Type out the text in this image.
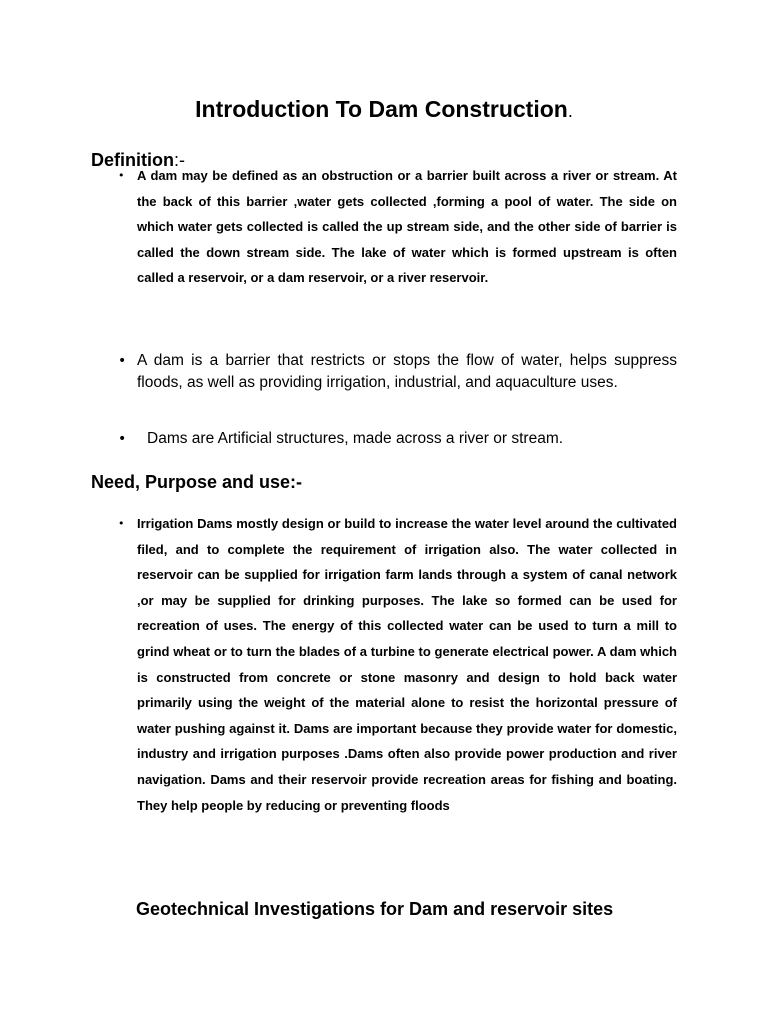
Introduction To Dam Construction.
Definition:-
• A dam may be defined as an obstruction or a barrier built across a river or stream. At the back of this barrier ,water gets collected ,forming a pool of water. The side on which water gets collected is called the up stream side, and the other side of barrier is called the down stream side. The lake of water which is formed upstream is often called a reservoir, or a dam reservoir, or a river reservoir.
• A dam is a barrier that restricts or stops the flow of water, helps suppress floods, as well as providing irrigation, industrial, and aquaculture uses.
• Dams are Artificial structures, made across a river or stream.
Need, Purpose and use:-
• Irrigation Dams mostly design or build to increase the water level around the cultivated filed, and to complete the requirement of irrigation also. The water collected in reservoir can be supplied for irrigation farm lands through a system of canal network ,or may be supplied for drinking purposes. The lake so formed can be used for recreation of uses. The energy of this collected water can be used to turn a mill to grind wheat or to turn the blades of a turbine to generate electrical power. A dam which is constructed from concrete or stone masonry and design to hold back water primarily using the weight of the material alone to resist the horizontal pressure of water pushing against it. Dams are important because they provide water for domestic, industry and irrigation purposes .Dams often also provide power production and river navigation. Dams and their reservoir provide recreation areas for fishing and boating. They help people by reducing or preventing floods
Geotechnical Investigations for Dam and reservoir sites
